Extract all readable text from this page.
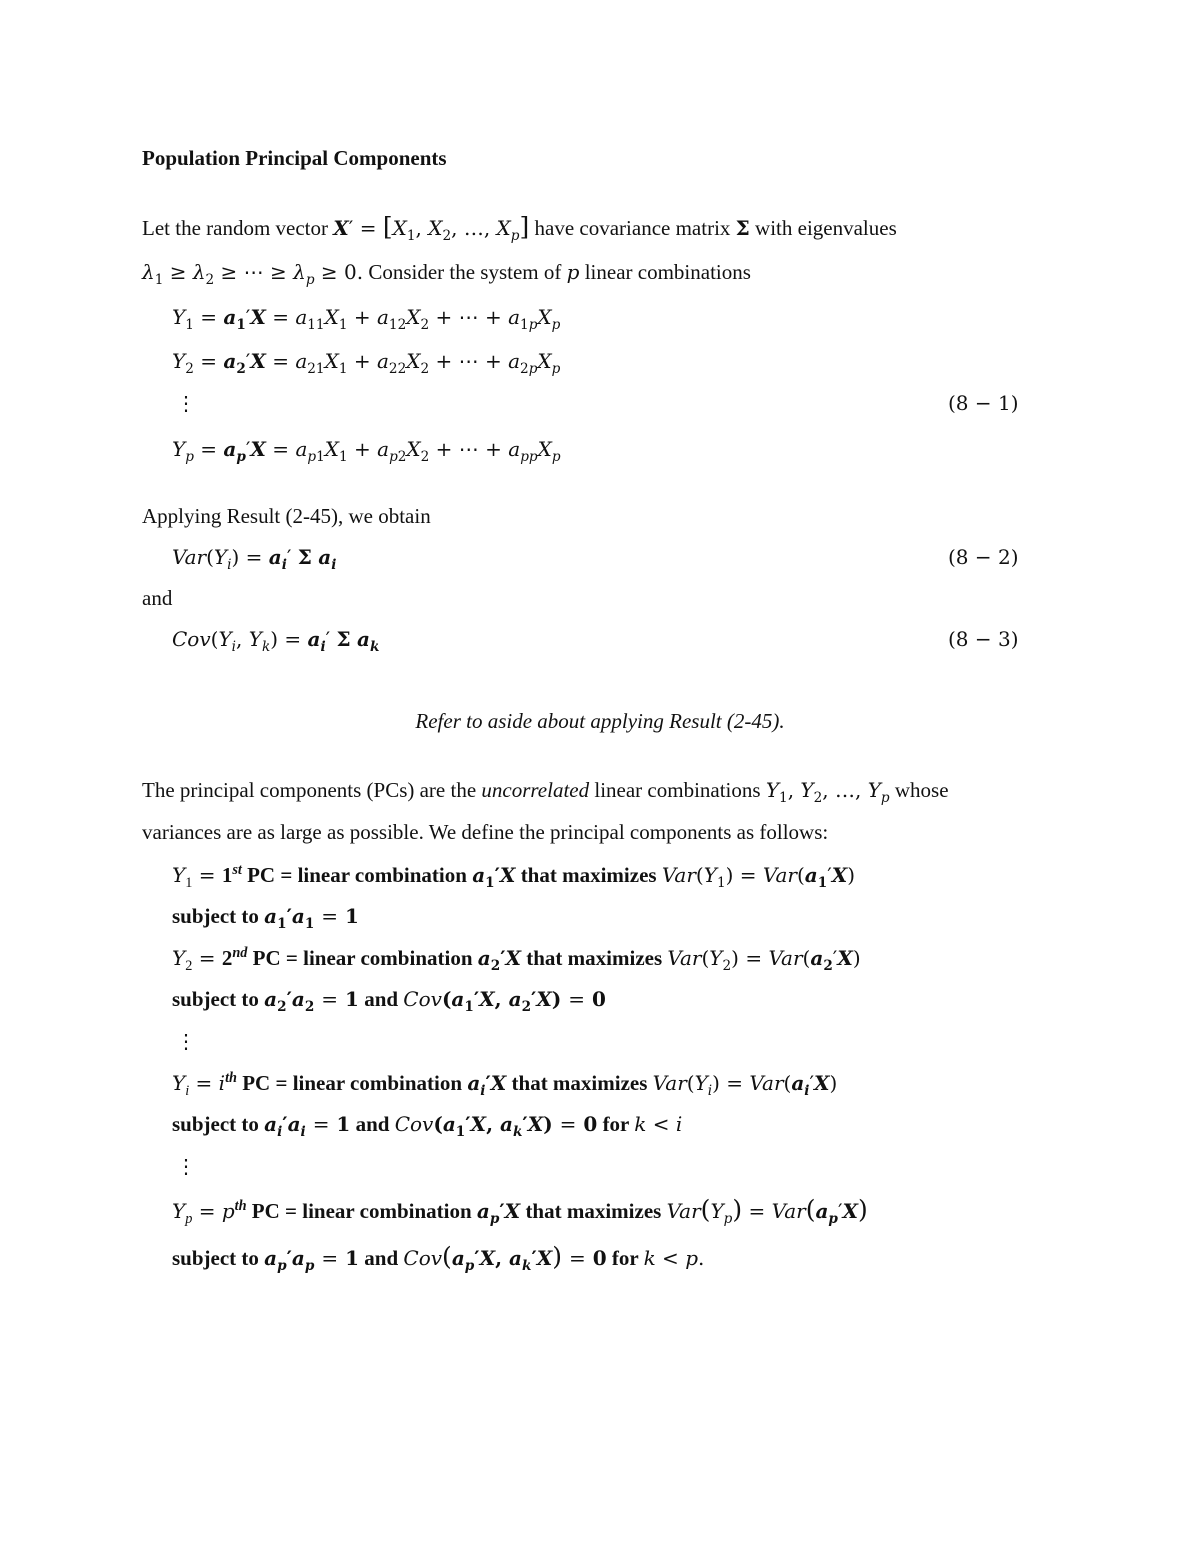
Population Principal Components
Let the random vector $X' = [X_1$, $X_2$, …, $X_p$] have covariance matrix Σ with eigenvalues
$\lambda_1 \ge \lambda_2$ ≥ ⋯ ≥ $\lambda_p \ge 0$. Consider the system of p linear combinations
$Y_1 = a_1'X = a_{11}X_1 + a_{12}X_2$ + ⋯ + $a_{1p}X_p$
$Y_2 = a_2'X = a_{21}X_1 + a_{22}X_2$ + ⋯ + $a_{2p}X_p$
⋮	(8 − 1)
$Y_p = a_p'X = a_{p1}X_1 + a_{p2}X_2$ + ⋯ + $a_{pp}X_p$
Applying Result (2-45), we obtain
$Var(Y_i) = a_i'$ Σ $a_i$	(8 − 2)
and
$Cov(Y_i$, $Y_k) = a_i'$ Σ $a_k$	(8 − 3)
Refer to aside about applying Result (2-45).
The principal components (PCs) are the uncorrelated linear combinations $Y_1$, $Y_2$, …, $Y_p$ whose
variances are as large as possible. We define the principal components as follows:
$Y_1 = 1st$ PC = linear combination $a_1'X$ that maximizes $Var(Y_1) = Var(a_1'X)$
subject to $a_1'a_1 = 1$
$Y_2 = 2nd$ PC = linear combination $a_2'X$ that maximizes $Var(Y_2) = Var(a_2'X)$
subject to $a_2'a_2 = 1$ and $Cov(a_1'X$, $a_2'X) = 0$
⋮
$Y_i = i^{th}$ PC = linear combination $a_i'X$ that maximizes $Var(Y_i) = Var(a_i'X)$
subject to $a_i'a_i = 1$ and $Cov(a_1'X$, $a_k'X) = 0$ for k < i
⋮
$Y_p = p^{th}$ PC = linear combination $a_p'X$ that maximizes $Var(Y_p) = Var(a_p'X)$
subject to $a_p'a_p = 1$ and $Cov(a_p'X$, $a_k'X) = 0$ for k < p.
